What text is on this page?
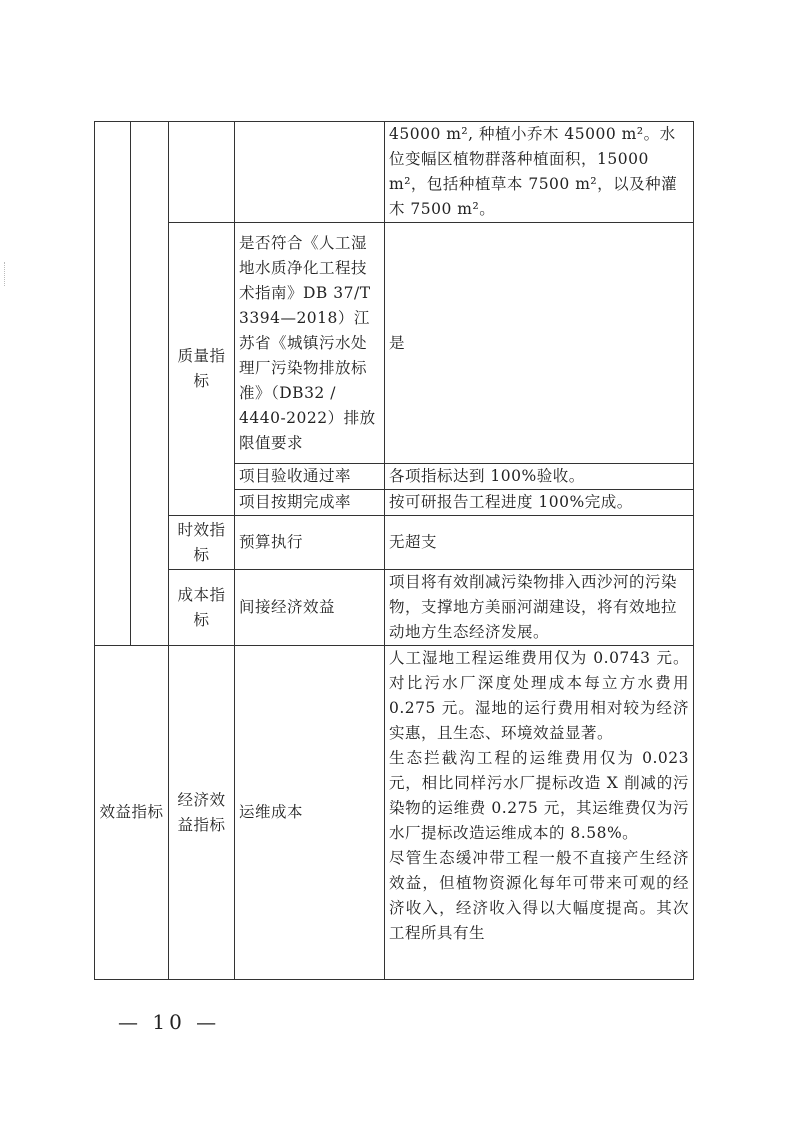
				45000 m², 种植小乔木 45000 m²。水位变幅区植物群落种植面积，15000 m²，包括种植草本 7500 m²，以及种灌木 7500 m²。
		质量指标	是否符合《人工湿地水质净化工程技术指南》DB 37/T 3394—2018）江苏省《城镇污水处理厂污染物排放标准》（DB32 / 4440-2022）排放限值要求	是
			项目验收通过率	各项指标达到 100%验收。
			项目按期完成率	按可研报告工程进度 100%完成。
		时效指标	预算执行	无超支
		成本指标	间接经济效益	项目将有效削减污染物排入西沙河的污染物，支撑地方美丽河湖建设，将有效地拉动地方生态经济发展。
效益指标		经济效益指标	运维成本	人工湿地工程运维费用仅为 0.0743 元。对比污水厂深度处理成本每立方水费用 0.275 元。湿地的运行费用相对较为经济实惠，且生态、环境效益显著。
生态拦截沟工程的运维费用仅为 0.023 元，相比同样污水厂提标改造 X 削减的污染物的运维费 0.275 元，其运维费仅为污水厂提标改造运维成本的 8.58%。
尽管生态缓冲带工程一般不直接产生经济效益，但植物资源化每年可带来可观的经济收入，经济收入得以大幅度提高。其次工程所具有生
— 10 —
